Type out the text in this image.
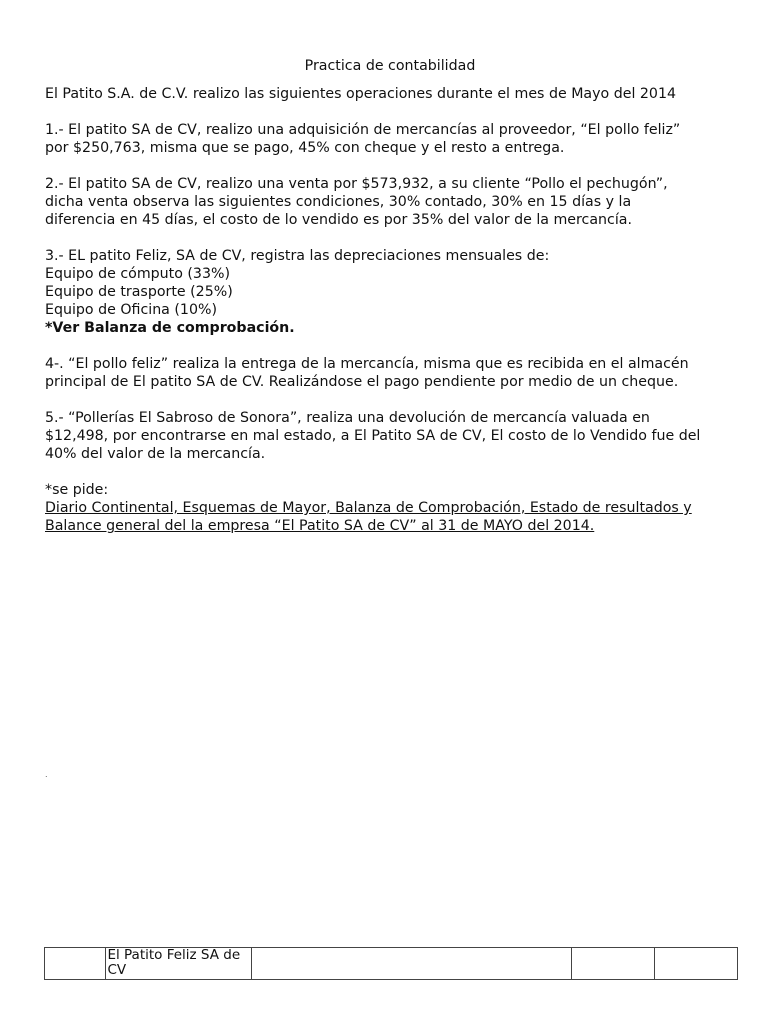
Practica de contabilidad
El Patito S.A. de C.V. realizo las siguientes operaciones durante el mes de Mayo del 2014
1.- El patito SA de CV, realizo una adquisición de mercancías al proveedor, “El pollo feliz”
por $250,763, misma que se pago, 45% con cheque y el resto a entrega.
2.- El patito SA de CV, realizo una venta por $573,932, a su cliente “Pollo el pechugón”,
dicha venta observa las siguientes condiciones, 30% contado, 30% en 15 días y la
diferencia en 45 días, el costo de lo vendido es por 35% del valor de la mercancía.
3.- EL patito Feliz, SA de CV, registra las depreciaciones mensuales de:
Equipo de cómputo (33%)
Equipo de trasporte (25%)
Equipo de Oficina (10%)
*Ver Balanza de comprobación.
4-. “El pollo feliz” realiza la entrega de la mercancía, misma que es recibida en el almacén
principal de El patito SA de CV. Realizándose el pago pendiente por medio de un cheque.
5.- “Pollerías El Sabroso de Sonora”, realiza una devolución de mercancía valuada en
$12,498, por encontrarse en mal estado, a El Patito SA de CV, El costo de lo Vendido fue del
40% del valor de la mercancía.
*se pide:
Diario Continental, Esquemas de Mayor, Balanza de Comprobación, Estado de resultados y
Balance general del la empresa “El Patito SA de CV” al 31 de MAYO del 2014.
.
	El Patito Feliz SA de CV			
